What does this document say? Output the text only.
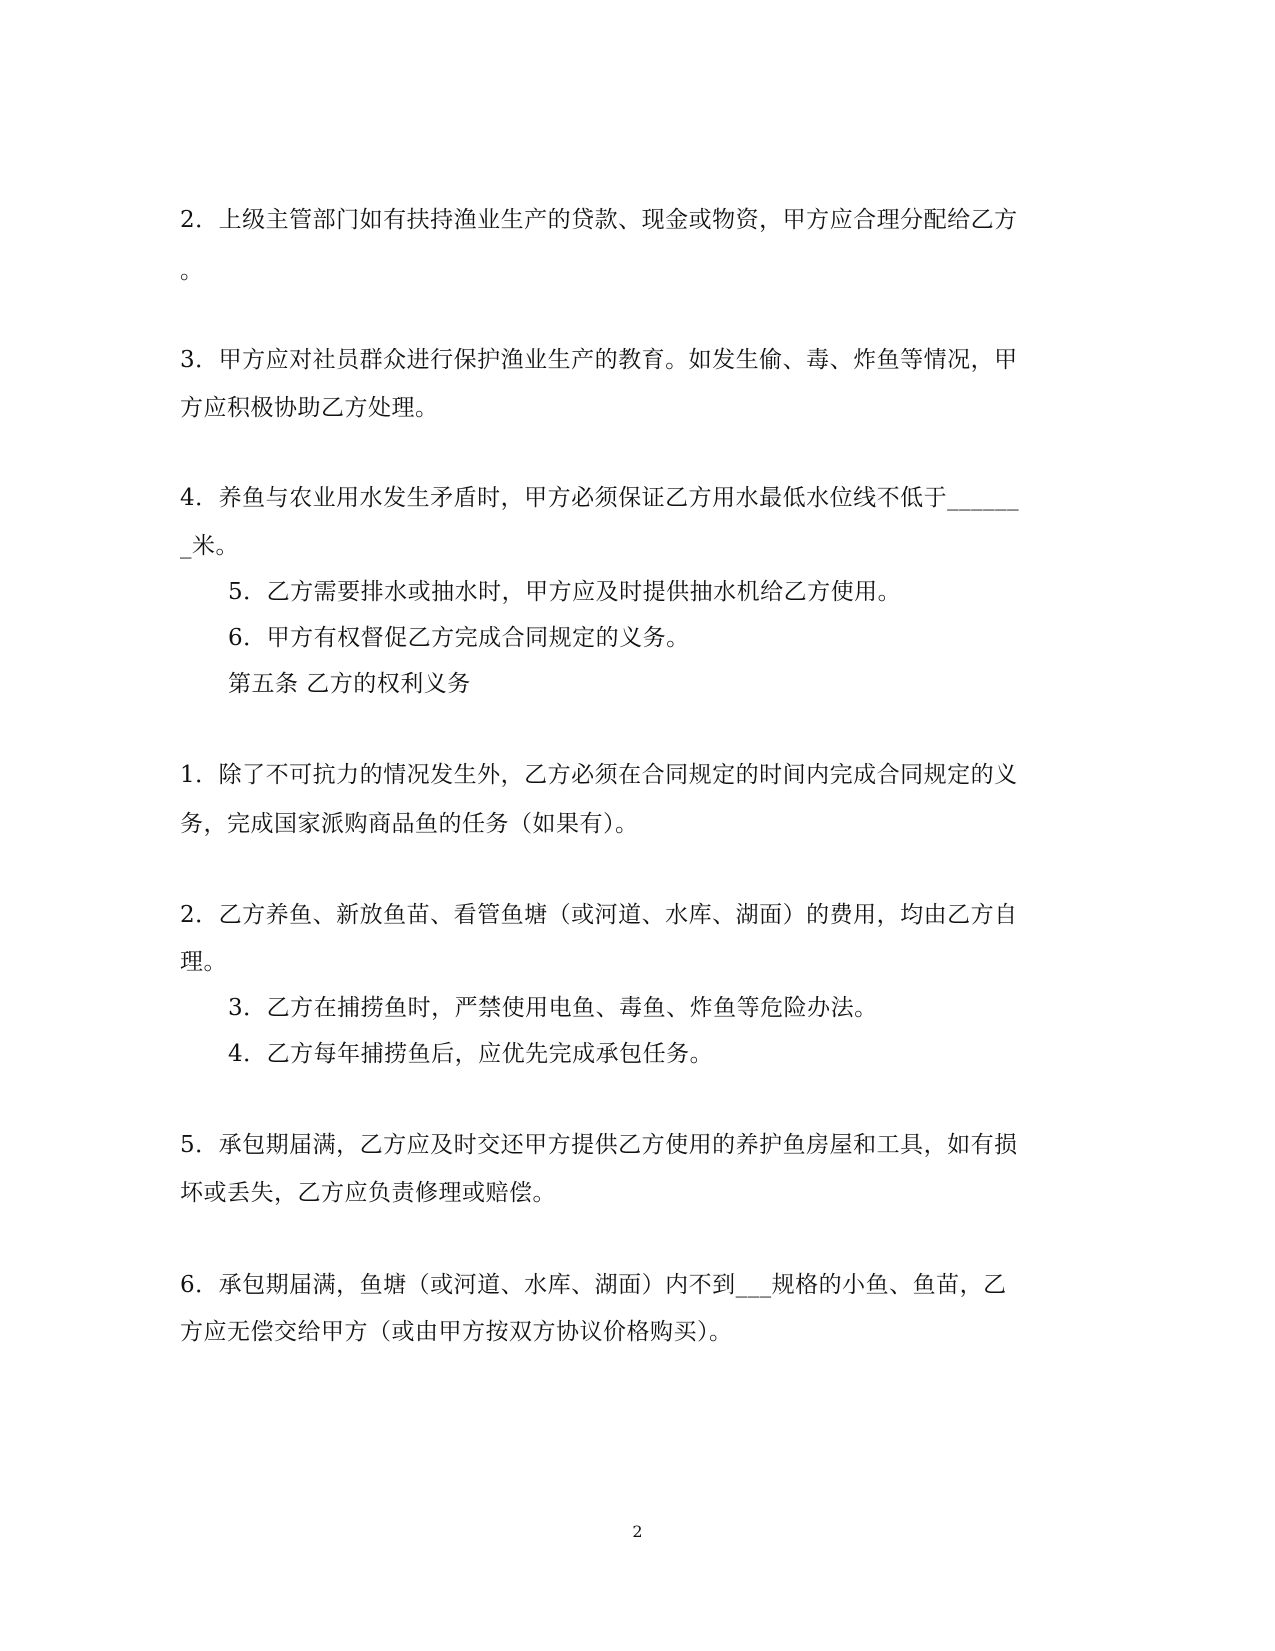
2．上级主管部门如有扶持渔业生产的贷款、现金或物资，甲方应合理分配给乙方
。
3．甲方应对社员群众进行保护渔业生产的教育。如发生偷、毒、炸鱼等情况，甲
方应积极协助乙方处理。
4．养鱼与农业用水发生矛盾时，甲方必须保证乙方用水最低水位线不低于______
_米。
5．乙方需要排水或抽水时，甲方应及时提供抽水机给乙方使用。
6．甲方有权督促乙方完成合同规定的义务。
第五条 乙方的权利义务
1．除了不可抗力的情况发生外，乙方必须在合同规定的时间内完成合同规定的义
务，完成国家派购商品鱼的任务（如果有）。
2．乙方养鱼、新放鱼苗、看管鱼塘（或河道、水库、湖面）的费用，均由乙方自
理。
3．乙方在捕捞鱼时，严禁使用电鱼、毒鱼、炸鱼等危险办法。
4．乙方每年捕捞鱼后，应优先完成承包任务。
5．承包期届满，乙方应及时交还甲方提供乙方使用的养护鱼房屋和工具，如有损
坏或丢失，乙方应负责修理或赔偿。
6．承包期届满，鱼塘（或河道、水库、湖面）内不到___规格的小鱼、鱼苗，乙
方应无偿交给甲方（或由甲方按双方协议价格购买）。
2
